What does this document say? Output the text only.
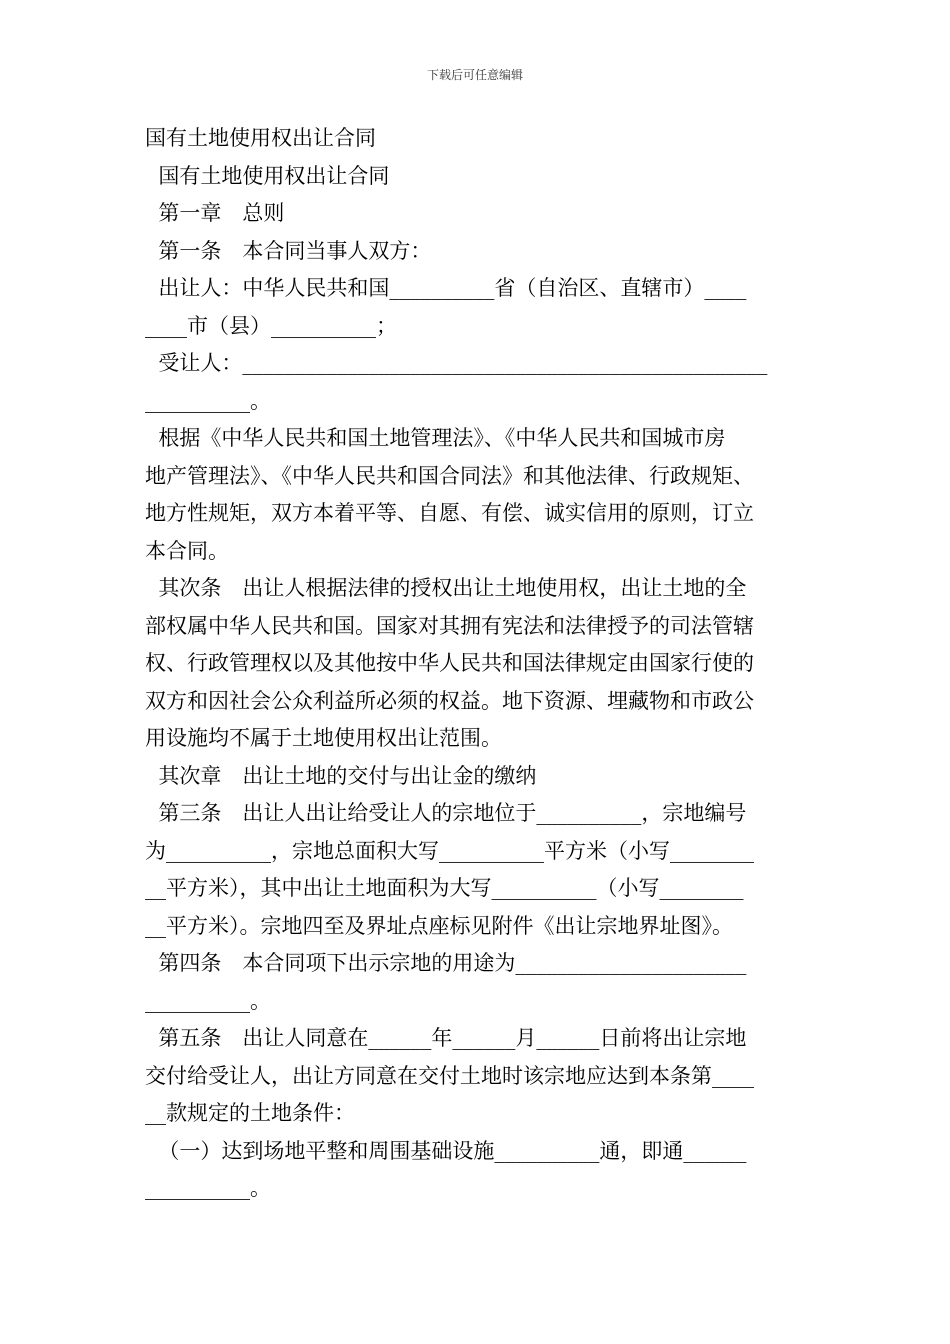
下载后可任意编辑
国有土地使用权出让合同
国有土地使用权出让合同
第一章　总则
第一条　本合同当事人双方：
出让人：中华人民共和国__________省（自治区、直辖市）____
____市（县）__________；
受让人：__________________________________________________
__________。
根据《中华人民共和国土地管理法》、《中华人民共和国城市房
地产管理法》、《中华人民共和国合同法》和其他法律、行政规矩、
地方性规矩，双方本着平等、自愿、有偿、诚实信用的原则，订立
本合同。
其次条　出让人根据法律的授权出让土地使用权，出让土地的全
部权属中华人民共和国。国家对其拥有宪法和法律授予的司法管辖
权、行政管理权以及其他按中华人民共和国法律规定由国家行使的
双方和因社会公众利益所必须的权益。地下资源、埋藏物和市政公
用设施均不属于土地使用权出让范围。
其次章　出让土地的交付与出让金的缴纳
第三条　出让人出让给受让人的宗地位于__________，宗地编号
为__________，宗地总面积大写__________平方米（小写________
__平方米），其中出让土地面积为大写__________（小写________
__平方米）。宗地四至及界址点座标见附件《出让宗地界址图》。
第四条　本合同项下出示宗地的用途为______________________
__________。
第五条　出让人同意在______年______月______日前将出让宗地
交付给受让人，出让方同意在交付土地时该宗地应达到本条第____
__款规定的土地条件：
（一）达到场地平整和周围基础设施__________通，即通______
__________。
